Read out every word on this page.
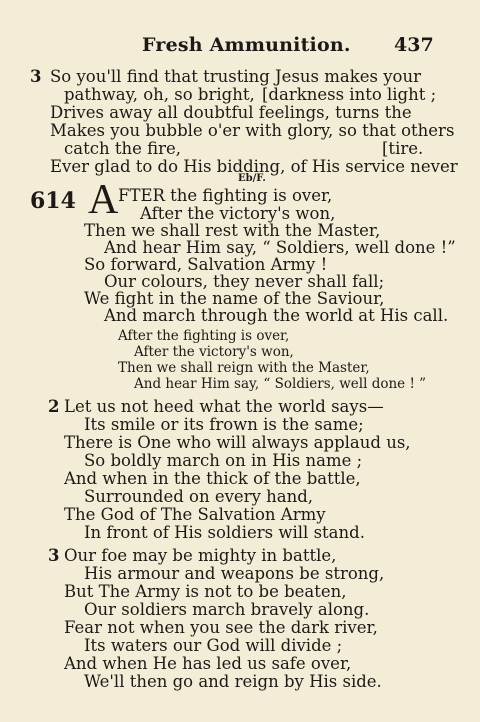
Fresh Ammunition. 437
3 So you'll find that trusting Jesus makes your
pathway, oh, so bright, [darkness into light ;
Drives away all doubtful feelings, turns the
Makes you bubble o'er with glory, so that others
catch the fire,	[tire.
Ever glad to do His bidding, of His service never
Eb/F.
614 A FTER the fighting is over,
After the victory's won,
Then we shall rest with the Master,
And hear Him say, “ Soldiers, well done !”
So forward, Salvation Army !
Our colours, they never shall fall;
We fight in the name of the Saviour,
And march through the world at His call.
After the fighting is over,
After the victory's won,
Then we shall reign with the Master,
And hear Him say, “ Soldiers, well done ! ”
2 Let us not heed what the world says—
Its smile or its frown is the same;
There is One who will always applaud us,
So boldly march on in His name ;
And when in the thick of the battle,
Surrounded on every hand,
The God of The Salvation Army
In front of His soldiers will stand.
3 Our foe may be mighty in battle,
His armour and weapons be strong,
But The Army is not to be beaten,
Our soldiers march bravely along.
Fear not when you see the dark river,
Its waters our God will divide ;
And when He has led us safe over,
We'll then go and reign by His side.
